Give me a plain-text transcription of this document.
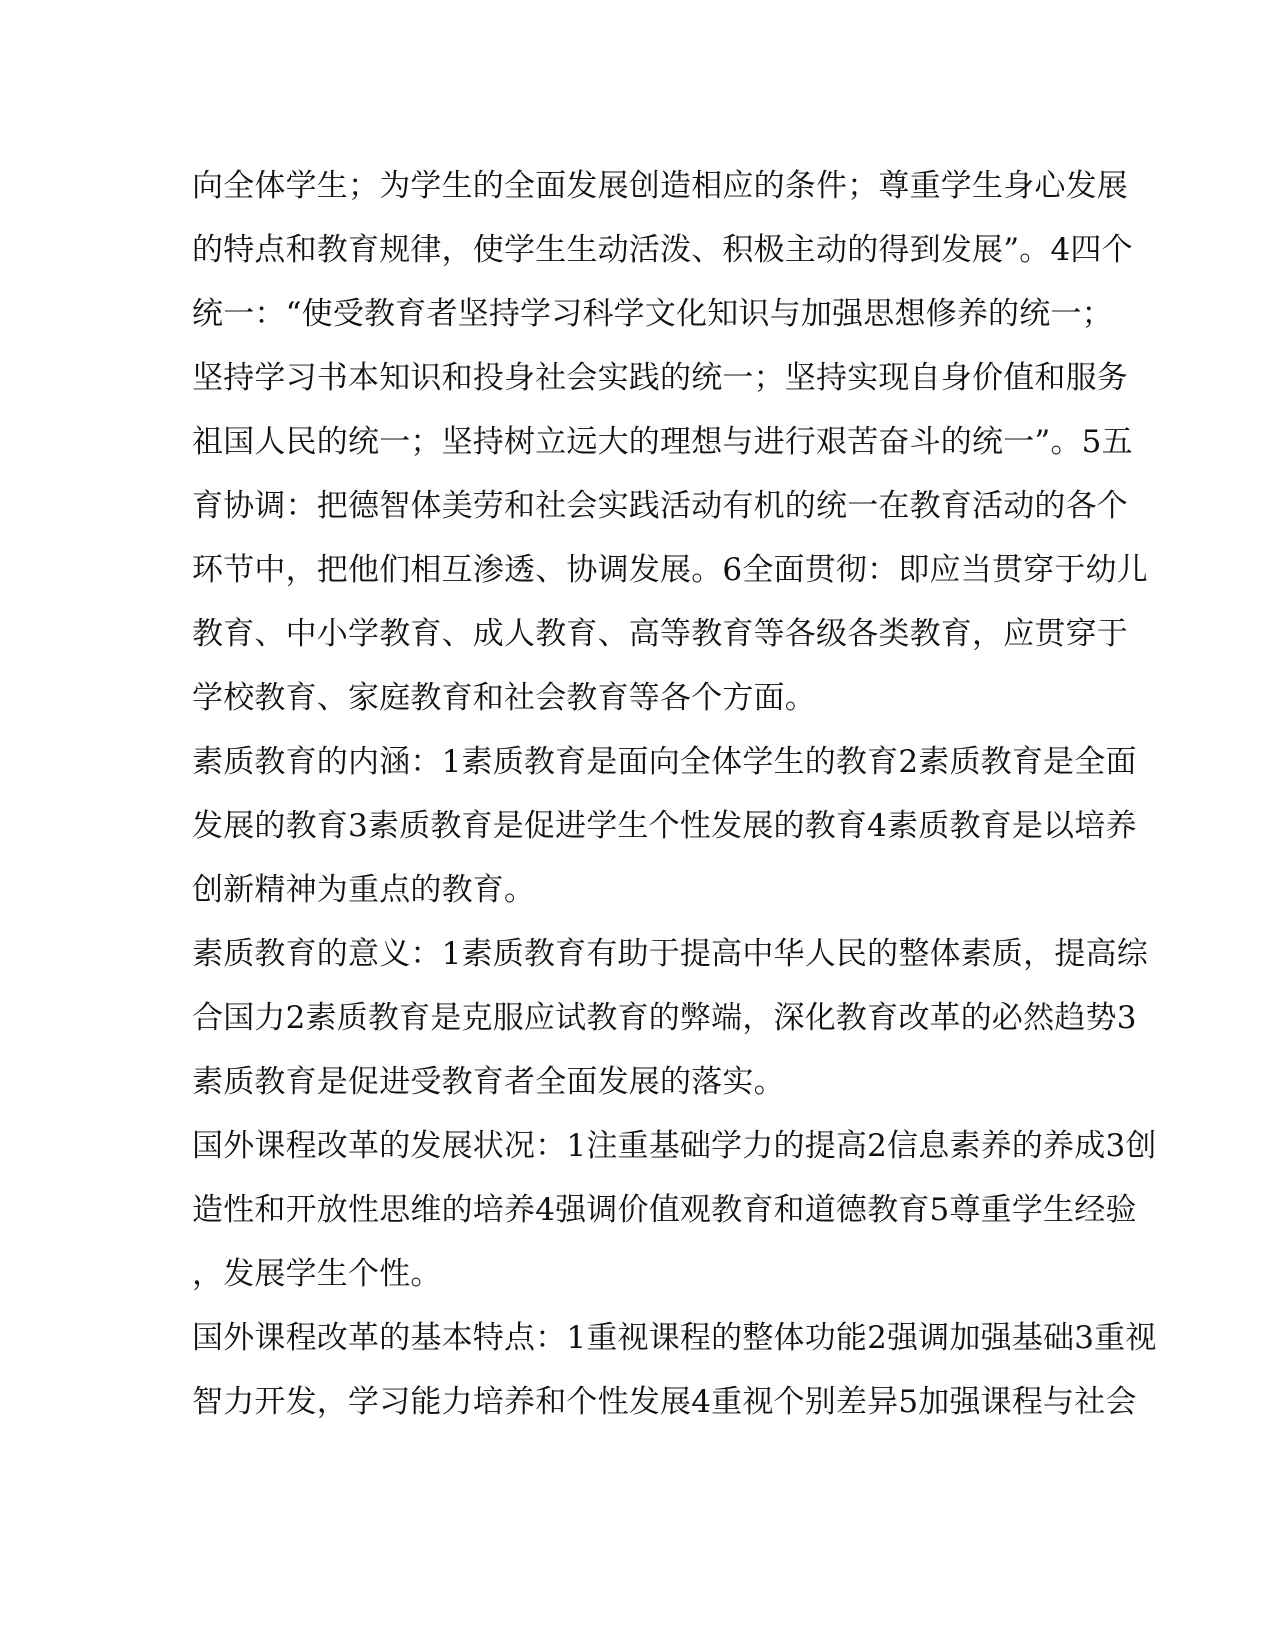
向全体学生；为学生的全面发展创造相应的条件；尊重学生身心发展
的特点和教育规律，使学生生动活泼、积极主动的得到发展”。4四个
统一：“使受教育者坚持学习科学文化知识与加强思想修养的统一；
坚持学习书本知识和投身社会实践的统一；坚持实现自身价值和服务
祖国人民的统一；坚持树立远大的理想与进行艰苦奋斗的统一”。5五
育协调：把德智体美劳和社会实践活动有机的统一在教育活动的各个
环节中，把他们相互渗透、协调发展。6全面贯彻：即应当贯穿于幼儿
教育、中小学教育、成人教育、高等教育等各级各类教育，应贯穿于
学校教育、家庭教育和社会教育等各个方面。
素质教育的内涵：1素质教育是面向全体学生的教育2素质教育是全面
发展的教育3素质教育是促进学生个性发展的教育4素质教育是以培养
创新精神为重点的教育。
素质教育的意义：1素质教育有助于提高中华人民的整体素质，提高综
合国力2素质教育是克服应试教育的弊端，深化教育改革的必然趋势3
素质教育是促进受教育者全面发展的落实。
国外课程改革的发展状况：1注重基础学力的提高2信息素养的养成3创
造性和开放性思维的培养4强调价值观教育和道德教育5尊重学生经验
，发展学生个性。
国外课程改革的基本特点：1重视课程的整体功能2强调加强基础3重视
智力开发，学习能力培养和个性发展4重视个别差异5加强课程与社会
